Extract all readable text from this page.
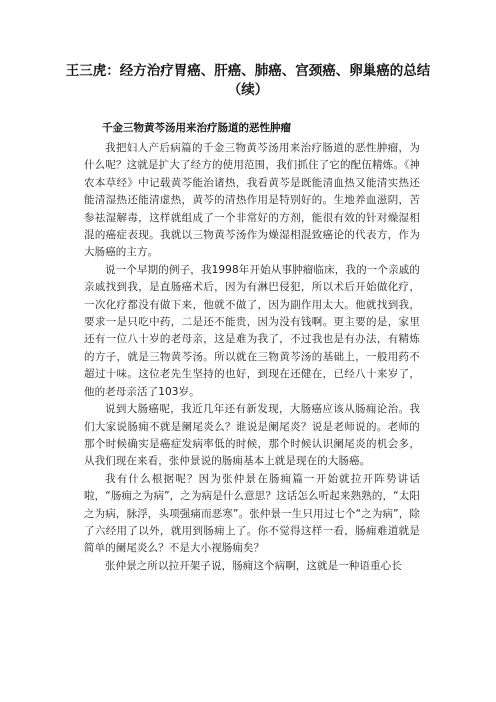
王三虎：经方治疗胃癌、肝癌、肺癌、宫颈癌、卵巢癌的总结
（续）
千金三物黄芩汤用来治疗肠道的恶性肿瘤

我把妇人产后病篇的千金三物黄芩汤用来治疗肠道的恶性肿瘤，为什么呢？这就是扩大了经方的使用范围，我们抓住了它的配伍精炼。《神农本草经》中记载黄芩能治诸热，我看黄芩是既能清血热又能清实热还能清湿热还能清虚热，黄芩的清热作用是特别好的。生地养血滋阴，苦参祛湿解毒，这样就组成了一个非常好的方剂，能很有效的针对燥湿相混的癌症表现。我就以三物黄芩汤作为燥湿相混致癌论的代表方，作为大肠癌的主方。

说一个早期的例子，我1998年开始从事肿瘤临床，我的一个亲戚的亲戚找到我，是直肠癌术后，因为有淋巴侵犯，所以术后开始做化疗，一次化疗都没有做下来，他就不做了，因为副作用太大。他就找到我，要求一是只吃中药，二是还不能贵，因为没有钱啊。更主要的是，家里还有一位八十岁的老母亲，这是难为我了，不过我也是有办法，有精炼的方子，就是三物黄芩汤。所以就在三物黄芩汤的基础上，一般用药不超过十味。这位老先生坚持的也好，到现在还健在，已经八十来岁了，他的老母亲活了103岁。

说到大肠癌呢，我近几年还有新发现，大肠癌应该从肠痈论治。我们大家说肠痈不就是阑尾炎么？谁说是阑尾炎？说是老师说的。老师的那个时候确实是癌症发病率低的时候，那个时候认识阑尾炎的机会多，从我们现在来看，张仲景说的肠痈基本上就是现在的大肠癌。

我有什么根据呢？因为张仲景在肠痈篇一开始就拉开阵势讲话啦，“肠痈之为病”，之为病是什么意思？这话怎么听起来熟熟的，“太阳之为病，脉浮，头项强痛而恶寒”。张仲景一生只用过七个“之为病”，除了六经用了以外，就用到肠痈上了。你不觉得这样一看，肠痈难道就是简单的阑尾炎么？不是大小视肠痈矣？

张仲景之所以拉开架子说，肠痈这个病啊，这就是一种语重心长
